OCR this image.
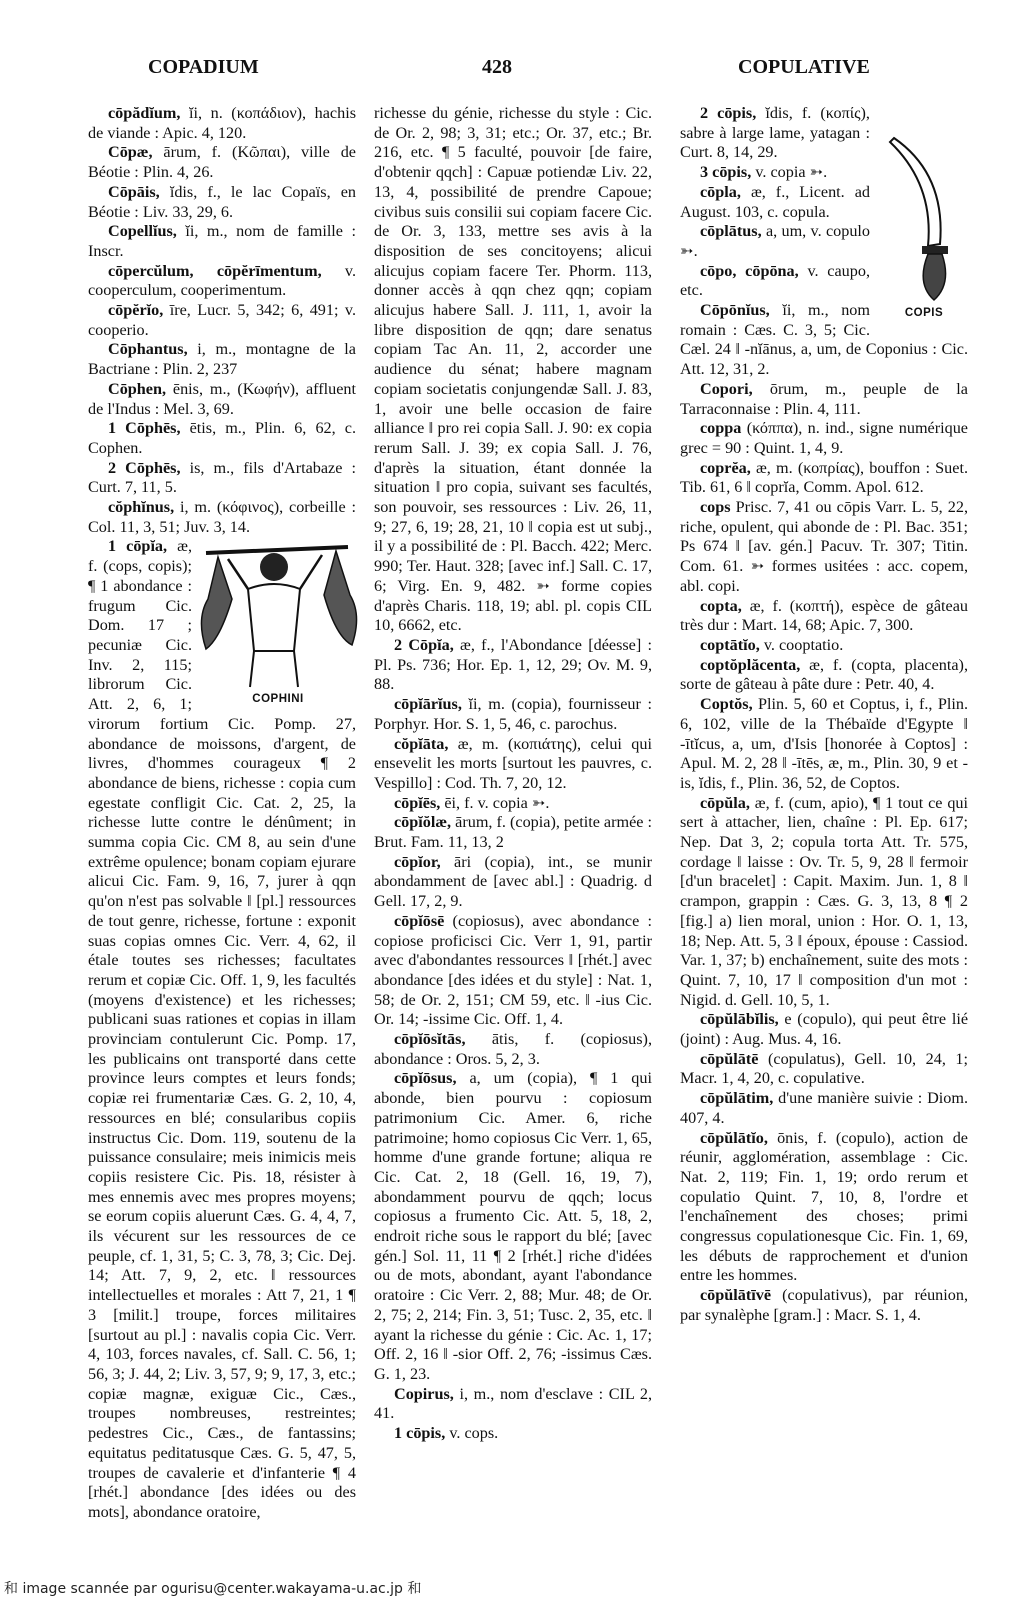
COPADIUM	428	COPULATIVE

cōpădĭum, ĭi, n. (κοπάδιον), hachis de viande : Apic. 4, 120.

Cōpæ, ārum, f. (Κῶπαι), ville de Béotie : Plin. 4, 26.

Cōpāis, ĭdis, f., le lac Copaïs, en Béotie : Liv. 33, 29, 6.

Copellĭus, ĭi, m., nom de famille : Inscr.

cōpercŭlum, cōpĕrīmentum, v. cooperculum, cooperimentum.

cōpĕrĭo, īre, Lucr. 5, 342; 6, 491; v. cooperio.

Cōphantus, i, m., montagne de la Bactriane : Plin. 2, 237

Cōphen, ēnis, m., (Κωφήν), affluent de l'Indus : Mel. 3, 69.

1 Cōphēs, ētis, m., Plin. 6, 62, c. Cophen.

2 Cōphēs, is, m., fils d'Artabaze : Curt. 7, 11, 5.

cŏphĭnus, i, m. (κόφινος), corbeille : Col. 11, 3, 51; Juv. 3, 14.

COPHINI

1 cōpĭa, æ, f. (cops, copis); ¶ 1 abondance : frugum Cic. Dom. 17 ; pecuniæ Cic. Inv. 2, 115; librorum Cic. Att. 2, 6, 1; virorum fortium Cic. Pomp. 27, abondance de moissons, d'argent, de livres, d'hommes courageux ¶ 2 abondance de biens, richesse : copia cum egestate confligit Cic. Cat. 2, 25, la richesse lutte contre le dénûment; in summa copia Cic. CM 8, au sein d'une extrême opulence; bonam copiam ejurare alicui Cic. Fam. 9, 16, 7, jurer à qqn qu'on n'est pas solvable ‖ [pl.] ressources de tout genre, richesse, fortune : exponit suas copias omnes Cic. Verr. 4, 62, il étale toutes ses richesses; facultates rerum et copiæ Cic. Off. 1, 9, les facultés (moyens d'existence) et les richesses; publicani suas rationes et copias in illam provinciam contulerunt Cic. Pomp. 17, les publicains ont transporté dans cette province leurs comptes et leurs fonds; copiæ rei frumentariæ Cæs. G. 2, 10, 4, ressources en blé; consularibus copiis instructus Cic. Dom. 119, soutenu de la puissance consulaire; meis inimicis meis copiis resistere Cic. Pis. 18, résister à mes ennemis avec mes propres moyens; se eorum copiis aluerunt Cæs. G. 4, 4, 7, ils vécurent sur les ressources de ce peuple, cf. 1, 31, 5; C. 3, 78, 3; Cic. Dej. 14; Att. 7, 9, 2, etc. ‖ ressources intellectuelles et morales : Att 7, 21, 1 ¶ 3 [milit.] troupe, forces militaires [surtout au pl.] : navalis copia Cic. Verr. 4, 103, forces navales, cf. Sall. C. 56, 1; 56, 3; J. 44, 2; Liv. 3, 57, 9; 9, 17, 3, etc.; copiæ magnæ, exiguæ Cic., Cæs., troupes nombreuses, restreintes; pedestres Cic., Cæs., de fantassins; equitatus peditatusque Cæs. G. 5, 47, 5, troupes de cavalerie et d'infanterie ¶ 4 [rhét.] abondance [des idées ou des mots], abondance oratoire,

richesse du génie, richesse du style : Cic. de Or. 2, 98; 3, 31; etc.; Or. 37, etc.; Br. 216, etc. ¶ 5 faculté, pouvoir [de faire, d'obtenir qqch] : Capuæ potiendæ Liv. 22, 13, 4, possibilité de prendre Capoue; civibus suis consilii sui copiam facere Cic. de Or. 3, 133, mettre ses avis à la disposition de ses concitoyens; alicui alicujus copiam facere Ter. Phorm. 113, donner accès à qqn chez qqn; copiam alicujus habere Sall. J. 111, 1, avoir la libre disposition de qqn; dare senatus copiam Tac An. 11, 2, accorder une audience du sénat; habere magnam copiam societatis conjungendæ Sall. J. 83, 1, avoir une belle occasion de faire alliance ‖ pro rei copia Sall. J. 90: ex copia rerum Sall. J. 39; ex copia Sall. J. 76, d'après la situation, étant donnée la situation ‖ pro copia, suivant ses facultés, son pouvoir, ses ressources : Liv. 26, 11, 9; 27, 6, 19; 28, 21, 10 ‖ copia est ut subj., il y a possibilité de : Pl. Bacch. 422; Merc. 990; Ter. Haut. 328; [avec inf.] Sall. C. 17, 6; Virg. En. 9, 482. ➳ forme copies d'après Charis. 118, 19; abl. pl. copis CIL 10, 6662, etc.

2 Cōpĭa, æ, f., l'Abondance [déesse] : Pl. Ps. 736; Hor. Ep. 1, 12, 29; Ov. M. 9, 88.

cōpĭārĭus, ĭi, m. (copia), fournisseur : Porphyr. Hor. S. 1, 5, 46, c. parochus.

cŏpĭāta, æ, m. (κοπιάτης), celui qui ensevelit les morts [surtout les pauvres, c. Vespillo] : Cod. Th. 7, 20, 12.

cōpĭēs, ēi, f. v. copia ➳.

cōpĭŏlæ, ārum, f. (copia), petite armée : Brut. Fam. 11, 13, 2

cōpĭor, āri (copia), int., se munir abondamment de [avec abl.] : Quadrig. d Gell. 17, 2, 9.

cōpĭōsē (copiosus), avec abondance : copiose proficisci Cic. Verr 1, 91, partir avec d'abondantes ressources ‖ [rhét.] avec abondance [des idées et du style] : Nat. 1, 58; de Or. 2, 151; CM 59, etc. ‖ -ius Cic. Or. 14; -issime Cic. Off. 1, 4.

cōpĭōsĭtās, ātis, f. (copiosus), abondance : Oros. 5, 2, 3.

cōpĭōsus, a, um (copia), ¶ 1 qui abonde, bien pourvu : copiosum patrimonium Cic. Amer. 6, riche patrimoine; homo copiosus Cic Verr. 1, 65, homme d'une grande fortune; aliqua re Cic. Cat. 2, 18 (Gell. 16, 19, 7), abondamment pourvu de qqch; locus copiosus a frumento Cic. Att. 5, 18, 2, endroit riche sous le rapport du blé; [avec gén.] Sol. 11, 11 ¶ 2 [rhét.] riche d'idées ou de mots, abondant, ayant l'abondance oratoire : Cic Verr. 2, 88; Mur. 48; de Or. 2, 75; 2, 214; Fin. 3, 51; Tusc. 2, 35, etc. ‖ ayant la richesse du génie : Cic. Ac. 1, 17; Off. 2, 16 ‖ -sior Off. 2, 76; -issimus Cæs. G. 1, 23.

Copirus, i, m., nom d'esclave : CIL 2, 41.

1 cōpis, v. cops.

COPIS

2 cōpis, ĭdis, f. (κοπίς), sabre à large lame, yatagan : Curt. 8, 14, 29.

3 cōpis, v. copia ➳.

cōpla, æ, f., Licent. ad August. 103, c. copula.

cōplātus, a, um, v. copulo ➳.

cōpo, cōpōna, v. caupo, etc.

Cōpōnĭus, ĭi, m., nom romain : Cæs. C. 3, 5; Cic. Cæl. 24 ‖ -nĭānus, a, um, de Coponius : Cic. Att. 12, 31, 2.

Copori, ōrum, m., peuple de la Tarraconnaise : Plin. 4, 111.

coppa (κόππα), n. ind., signe numérique grec = 90 : Quint. 1, 4, 9.

coprĕa, æ, m. (κοπρίας), bouffon : Suet. Tib. 61, 6 ‖ coprĭa, Comm. Apol. 612.

cops Prisc. 7, 41 ou cōpis Varr. L. 5, 22, riche, opulent, qui abonde de : Pl. Bac. 351; Ps 674 ‖ [av. gén.] Pacuv. Tr. 307; Titin. Com. 61. ➳ formes usitées : acc. copem, abl. copi.

copta, æ, f. (κοπτή), espèce de gâteau très dur : Mart. 14, 68; Apic. 7, 300.

coptātĭo, v. cooptatio.

coptŏplăcenta, æ, f. (copta, placenta), sorte de gâteau à pâte dure : Petr. 40, 4.

Coptŏs, Plin. 5, 60 et Coptus, i, f., Plin. 6, 102, ville de la Thébaïde d'Egypte ‖ -ītĭcus, a, um, d'Isis [honorée à Coptos] : Apul. M. 2, 28 ‖ -ītēs, æ, m., Plin. 30, 9 et -is, ĭdis, f., Plin. 36, 52, de Coptos.

cōpŭla, æ, f. (cum, apio), ¶ 1 tout ce qui sert à attacher, lien, chaîne : Pl. Ep. 617; Nep. Dat 3, 2; copula torta Att. Tr. 575, cordage ‖ laisse : Ov. Tr. 5, 9, 28 ‖ fermoir [d'un bracelet] : Capit. Maxim. Jun. 1, 8 ‖ crampon, grappin : Cæs. G. 3, 13, 8 ¶ 2 [fig.] a) lien moral, union : Hor. O. 1, 13, 18; Nep. Att. 5, 3 ‖ époux, épouse : Cassiod. Var. 1, 37; b) enchaînement, suite des mots : Quint. 7, 10, 17 ‖ composition d'un mot : Nigid. d. Gell. 10, 5, 1.

cōpŭlābĭlis, e (copulo), qui peut être lié (joint) : Aug. Mus. 4, 16.

cōpŭlātē (copulatus), Gell. 10, 24, 1; Macr. 1, 4, 20, c. copulative.

cōpŭlātim, d'une manière suivie : Diom. 407, 4.

cōpŭlātĭo, ōnis, f. (copulo), action de réunir, agglomération, assemblage : Cic. Nat. 2, 119; Fin. 1, 19; ordo rerum et copulatio Quint. 7, 10, 8, l'ordre et l'enchaînement des choses; primi congressus copulationesque Cic. Fin. 1, 69, les débuts de rapprochement et d'union entre les hommes.

cōpŭlātīvē (copulativus), par réunion, par synalèphe [gram.] : Macr. S. 1, 4.

和 image scannée par ogurisu@center.wakayama-u.ac.jp 和
